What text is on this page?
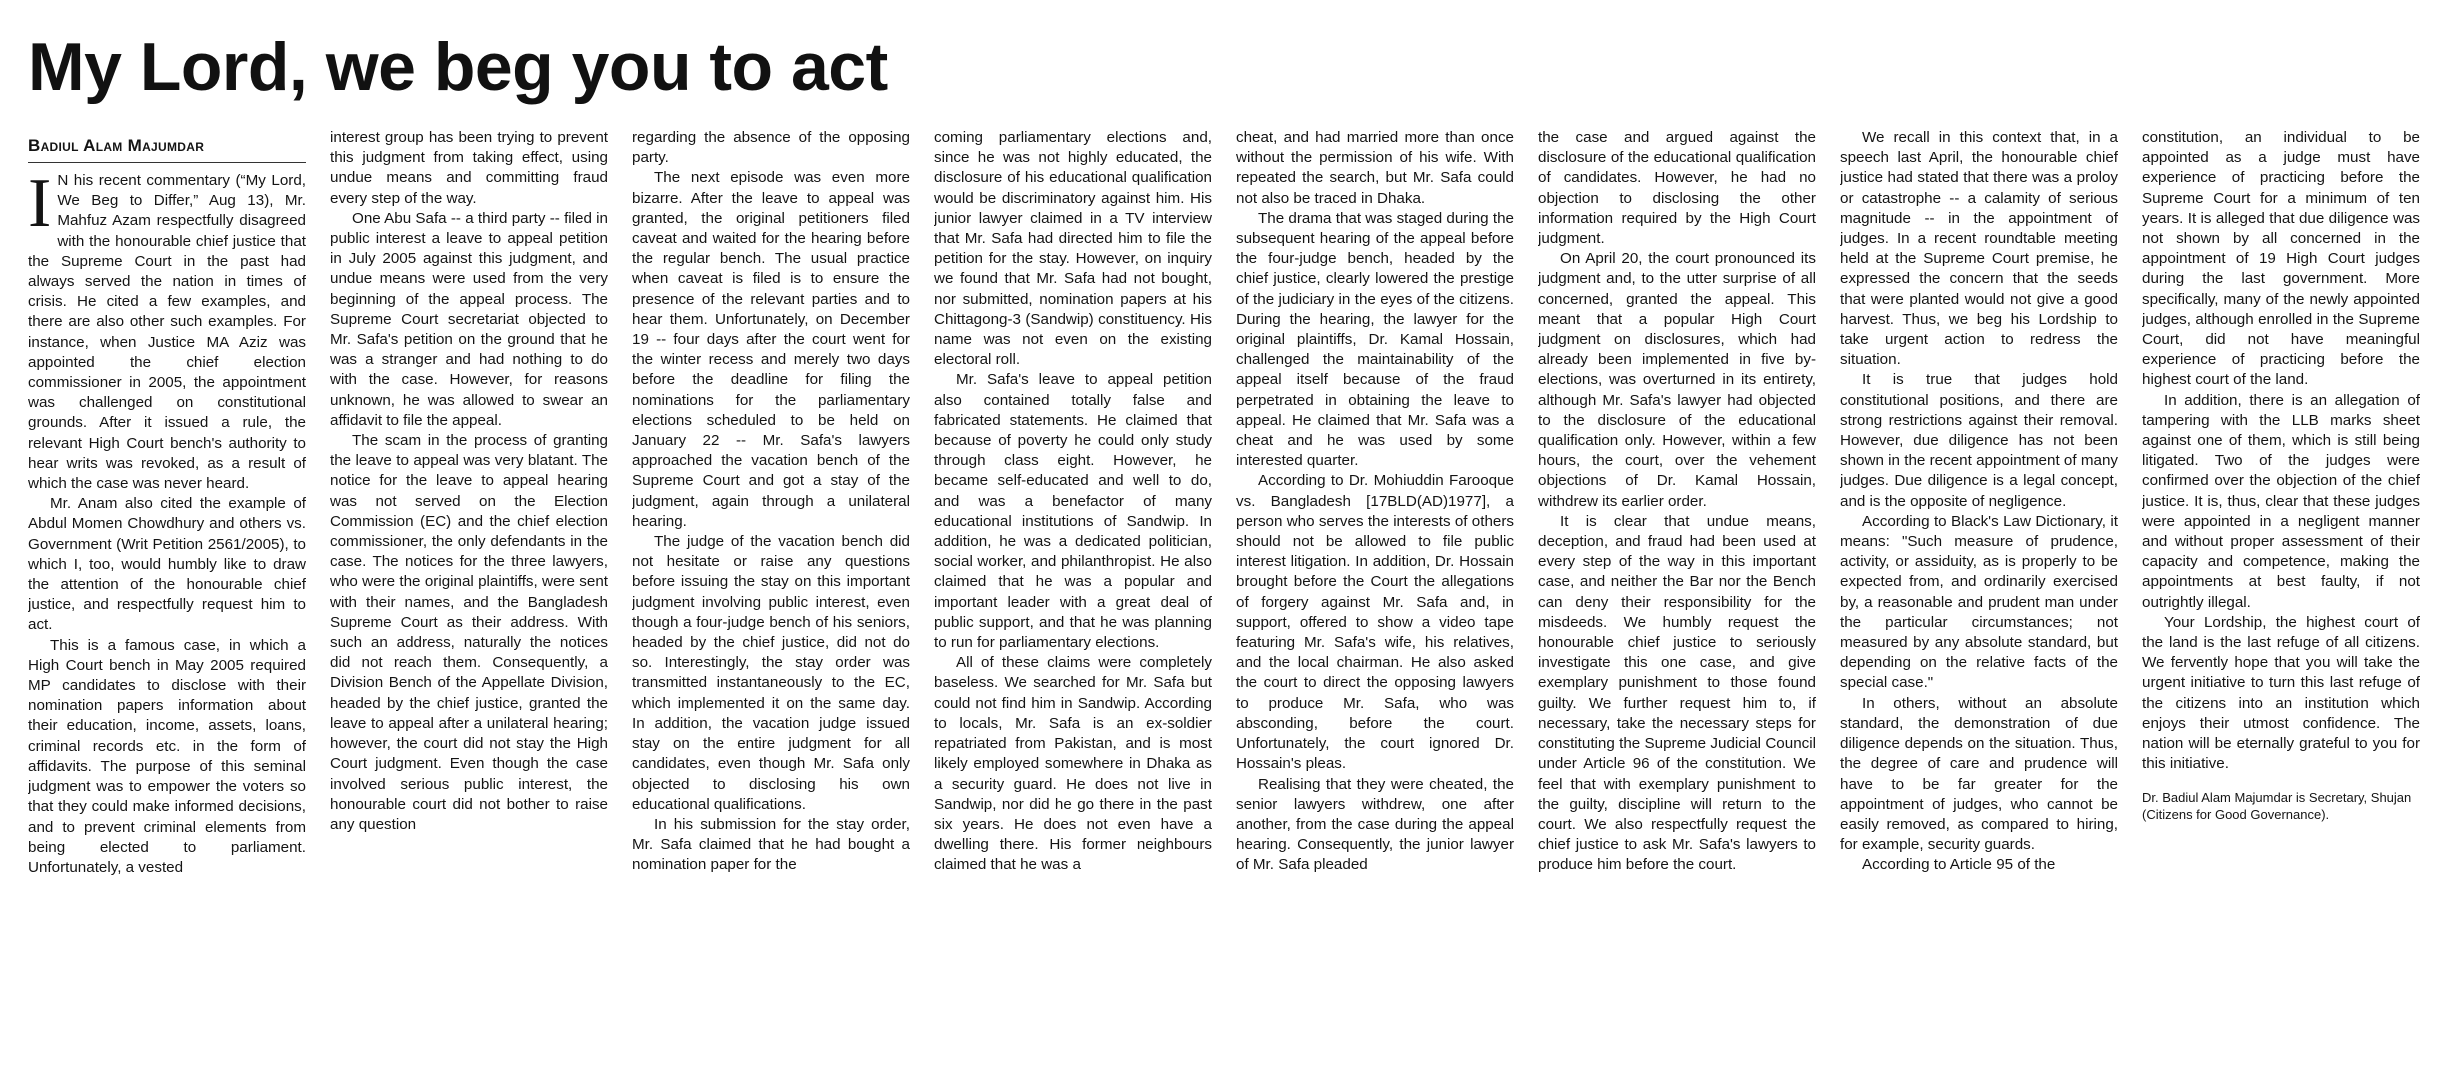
My Lord, we beg you to act
Badiul Alam Majumdar

I N his recent commentary (“My Lord, We Beg to Differ,” Aug 13), Mr. Mahfuz Azam respectfully disagreed with the honourable chief justice that the Supreme Court in the past had always served the nation in times of crisis. He cited a few examples, and there are also other such examples. For instance, when Justice MA Aziz was appointed the chief election commissioner in 2005, the appointment was challenged on constitutional grounds. After it issued a rule, the relevant High Court bench's authority to hear writs was revoked, as a result of which the case was never heard.

Mr. Anam also cited the example of Abdul Momen Chowdhury and others vs. Government (Writ Petition 2561/2005), to which I, too, would humbly like to draw the attention of the honourable chief justice, and respectfully request him to act.

This is a famous case, in which a High Court bench in May 2005 required MP candidates to disclose with their nomination papers information about their education, income, assets, loans, criminal records etc. in the form of affidavits. The purpose of this seminal judgment was to empower the voters so that they could make informed decisions, and to prevent criminal elements from being elected to parliament. Unfortunately, a vested

interest group has been trying to prevent this judgment from taking effect, using undue means and committing fraud every step of the way.

One Abu Safa -- a third party -- filed in public interest a leave to appeal petition in July 2005 against this judgment, and undue means were used from the very beginning of the appeal process. The Supreme Court secretariat objected to Mr. Safa's petition on the ground that he was a stranger and had nothing to do with the case. However, for reasons unknown, he was allowed to swear an affidavit to file the appeal.

The scam in the process of granting the leave to appeal was very blatant. The notice for the leave to appeal hearing was not served on the Election Commission (EC) and the chief election commissioner, the only defendants in the case. The notices for the three lawyers, who were the original plaintiffs, were sent with their names, and the Bangladesh Supreme Court as their address. With such an address, naturally the notices did not reach them. Consequently, a Division Bench of the Appellate Division, headed by the chief justice, granted the leave to appeal after a unilateral hearing; however, the court did not stay the High Court judgment. Even though the case involved serious public interest, the honourable court did not bother to raise any question

regarding the absence of the opposing party.

The next episode was even more bizarre. After the leave to appeal was granted, the original petitioners filed caveat and waited for the hearing before the regular bench. The usual practice when caveat is filed is to ensure the presence of the relevant parties and to hear them. Unfortunately, on December 19 -- four days after the court went for the winter recess and merely two days before the deadline for filing the nominations for the parliamentary elections scheduled to be held on January 22 -- Mr. Safa's lawyers approached the vacation bench of the Supreme Court and got a stay of the judgment, again through a unilateral hearing.

The judge of the vacation bench did not hesitate or raise any questions before issuing the stay on this important judgment involving public interest, even though a four-judge bench of his seniors, headed by the chief justice, did not do so. Interestingly, the stay order was transmitted instantaneously to the EC, which implemented it on the same day. In addition, the vacation judge issued stay on the entire judgment for all candidates, even though Mr. Safa only objected to disclosing his own educational qualifications.

In his submission for the stay order, Mr. Safa claimed that he had bought a nomination paper for the

coming parliamentary elections and, since he was not highly educated, the disclosure of his educational qualification would be discriminatory against him. His junior lawyer claimed in a TV interview that Mr. Safa had directed him to file the petition for the stay. However, on inquiry we found that Mr. Safa had not bought, nor submitted, nomination papers at his Chittagong-3 (Sandwip) constituency. His name was not even on the existing electoral roll.

Mr. Safa's leave to appeal petition also contained totally false and fabricated statements. He claimed that because of poverty he could only study through class eight. However, he became self-educated and well to do, and was a benefactor of many educational institutions of Sandwip. In addition, he was a dedicated politician, social worker, and philanthropist. He also claimed that he was a popular and important leader with a great deal of public support, and that he was planning to run for parliamentary elections.

All of these claims were completely baseless. We searched for Mr. Safa but could not find him in Sandwip. According to locals, Mr. Safa is an ex-soldier repatriated from Pakistan, and is most likely employed somewhere in Dhaka as a security guard. He does not live in Sandwip, nor did he go there in the past six years. He does not even have a dwelling there. His former neighbours claimed that he was a

cheat, and had married more than once without the permission of his wife. With repeated the search, but Mr. Safa could not also be traced in Dhaka.

The drama that was staged during the subsequent hearing of the appeal before the four-judge bench, headed by the chief justice, clearly lowered the prestige of the judiciary in the eyes of the citizens. During the hearing, the lawyer for the original plaintiffs, Dr. Kamal Hossain, challenged the maintainability of the appeal itself because of the fraud perpetrated in obtaining the leave to appeal. He claimed that Mr. Safa was a cheat and he was used by some interested quarter.

According to Dr. Mohiuddin Farooque vs. Bangladesh [17BLD(AD)1977], a person who serves the interests of others should not be allowed to file public interest litigation. In addition, Dr. Hossain brought before the Court the allegations of forgery against Mr. Safa and, in support, offered to show a video tape featuring Mr. Safa's wife, his relatives, and the local chairman. He also asked the court to direct the opposing lawyers to produce Mr. Safa, who was absconding, before the court. Unfortunately, the court ignored Dr. Hossain's pleas.

Realising that they were cheated, the senior lawyers withdrew, one after another, from the case during the appeal hearing. Consequently, the junior lawyer of Mr. Safa pleaded

the case and argued against the disclosure of the educational qualification of candidates. However, he had no objection to disclosing the other information required by the High Court judgment.

On April 20, the court pronounced its judgment and, to the utter surprise of all concerned, granted the appeal. This meant that a popular High Court judgment on disclosures, which had already been implemented in five by-elections, was overturned in its entirety, although Mr. Safa's lawyer had objected to the disclosure of the educational qualification only. However, within a few hours, the court, over the vehement objections of Dr. Kamal Hossain, withdrew its earlier order.

It is clear that undue means, deception, and fraud had been used at every step of the way in this important case, and neither the Bar nor the Bench can deny their responsibility for the misdeeds. We humbly request the honourable chief justice to seriously investigate this one case, and give exemplary punishment to those found guilty. We further request him to, if necessary, take the necessary steps for constituting the Supreme Judicial Council under Article 96 of the constitution. We feel that with exemplary punishment to the guilty, discipline will return to the court. We also respectfully request the chief justice to ask Mr. Safa's lawyers to produce him before the court.

We recall in this context that, in a speech last April, the honourable chief justice had stated that there was a proloy or catastrophe -- a calamity of serious magnitude -- in the appointment of judges. In a recent roundtable meeting held at the Supreme Court premise, he expressed the concern that the seeds that were planted would not give a good harvest. Thus, we beg his Lordship to take urgent action to redress the situation.

It is true that judges hold constitutional positions, and there are strong restrictions against their removal. However, due diligence has not been shown in the recent appointment of many judges. Due diligence is a legal concept, and is the opposite of negligence.

According to Black's Law Dictionary, it means: "Such measure of prudence, activity, or assiduity, as is properly to be expected from, and ordinarily exercised by, a reasonable and prudent man under the particular circumstances; not measured by any absolute standard, but depending on the relative facts of the special case."

In others, without an absolute standard, the demonstration of due diligence depends on the situation. Thus, the degree of care and prudence will have to be far greater for the appointment of judges, who cannot be easily removed, as compared to hiring, for example, security guards.

According to Article 95 of the

constitution, an individual to be appointed as a judge must have experience of practicing before the Supreme Court for a minimum of ten years. It is alleged that due diligence was not shown by all concerned in the appointment of 19 High Court judges during the last government. More specifically, many of the newly appointed judges, although enrolled in the Supreme Court, did not have meaningful experience of practicing before the highest court of the land.

In addition, there is an allegation of tampering with the LLB marks sheet against one of them, which is still being litigated. Two of the judges were confirmed over the objection of the chief justice. It is, thus, clear that these judges were appointed in a negligent manner and without proper assessment of their capacity and competence, making the appointments at best faulty, if not outrightly illegal.

Your Lordship, the highest court of the land is the last refuge of all citizens. We fervently hope that you will take the urgent initiative to turn this last refuge of the citizens into an institution which enjoys their utmost confidence. The nation will be eternally grateful to you for this initiative.

Dr. Badiul Alam Majumdar is Secretary, Shujan (Citizens for Good Governance).
